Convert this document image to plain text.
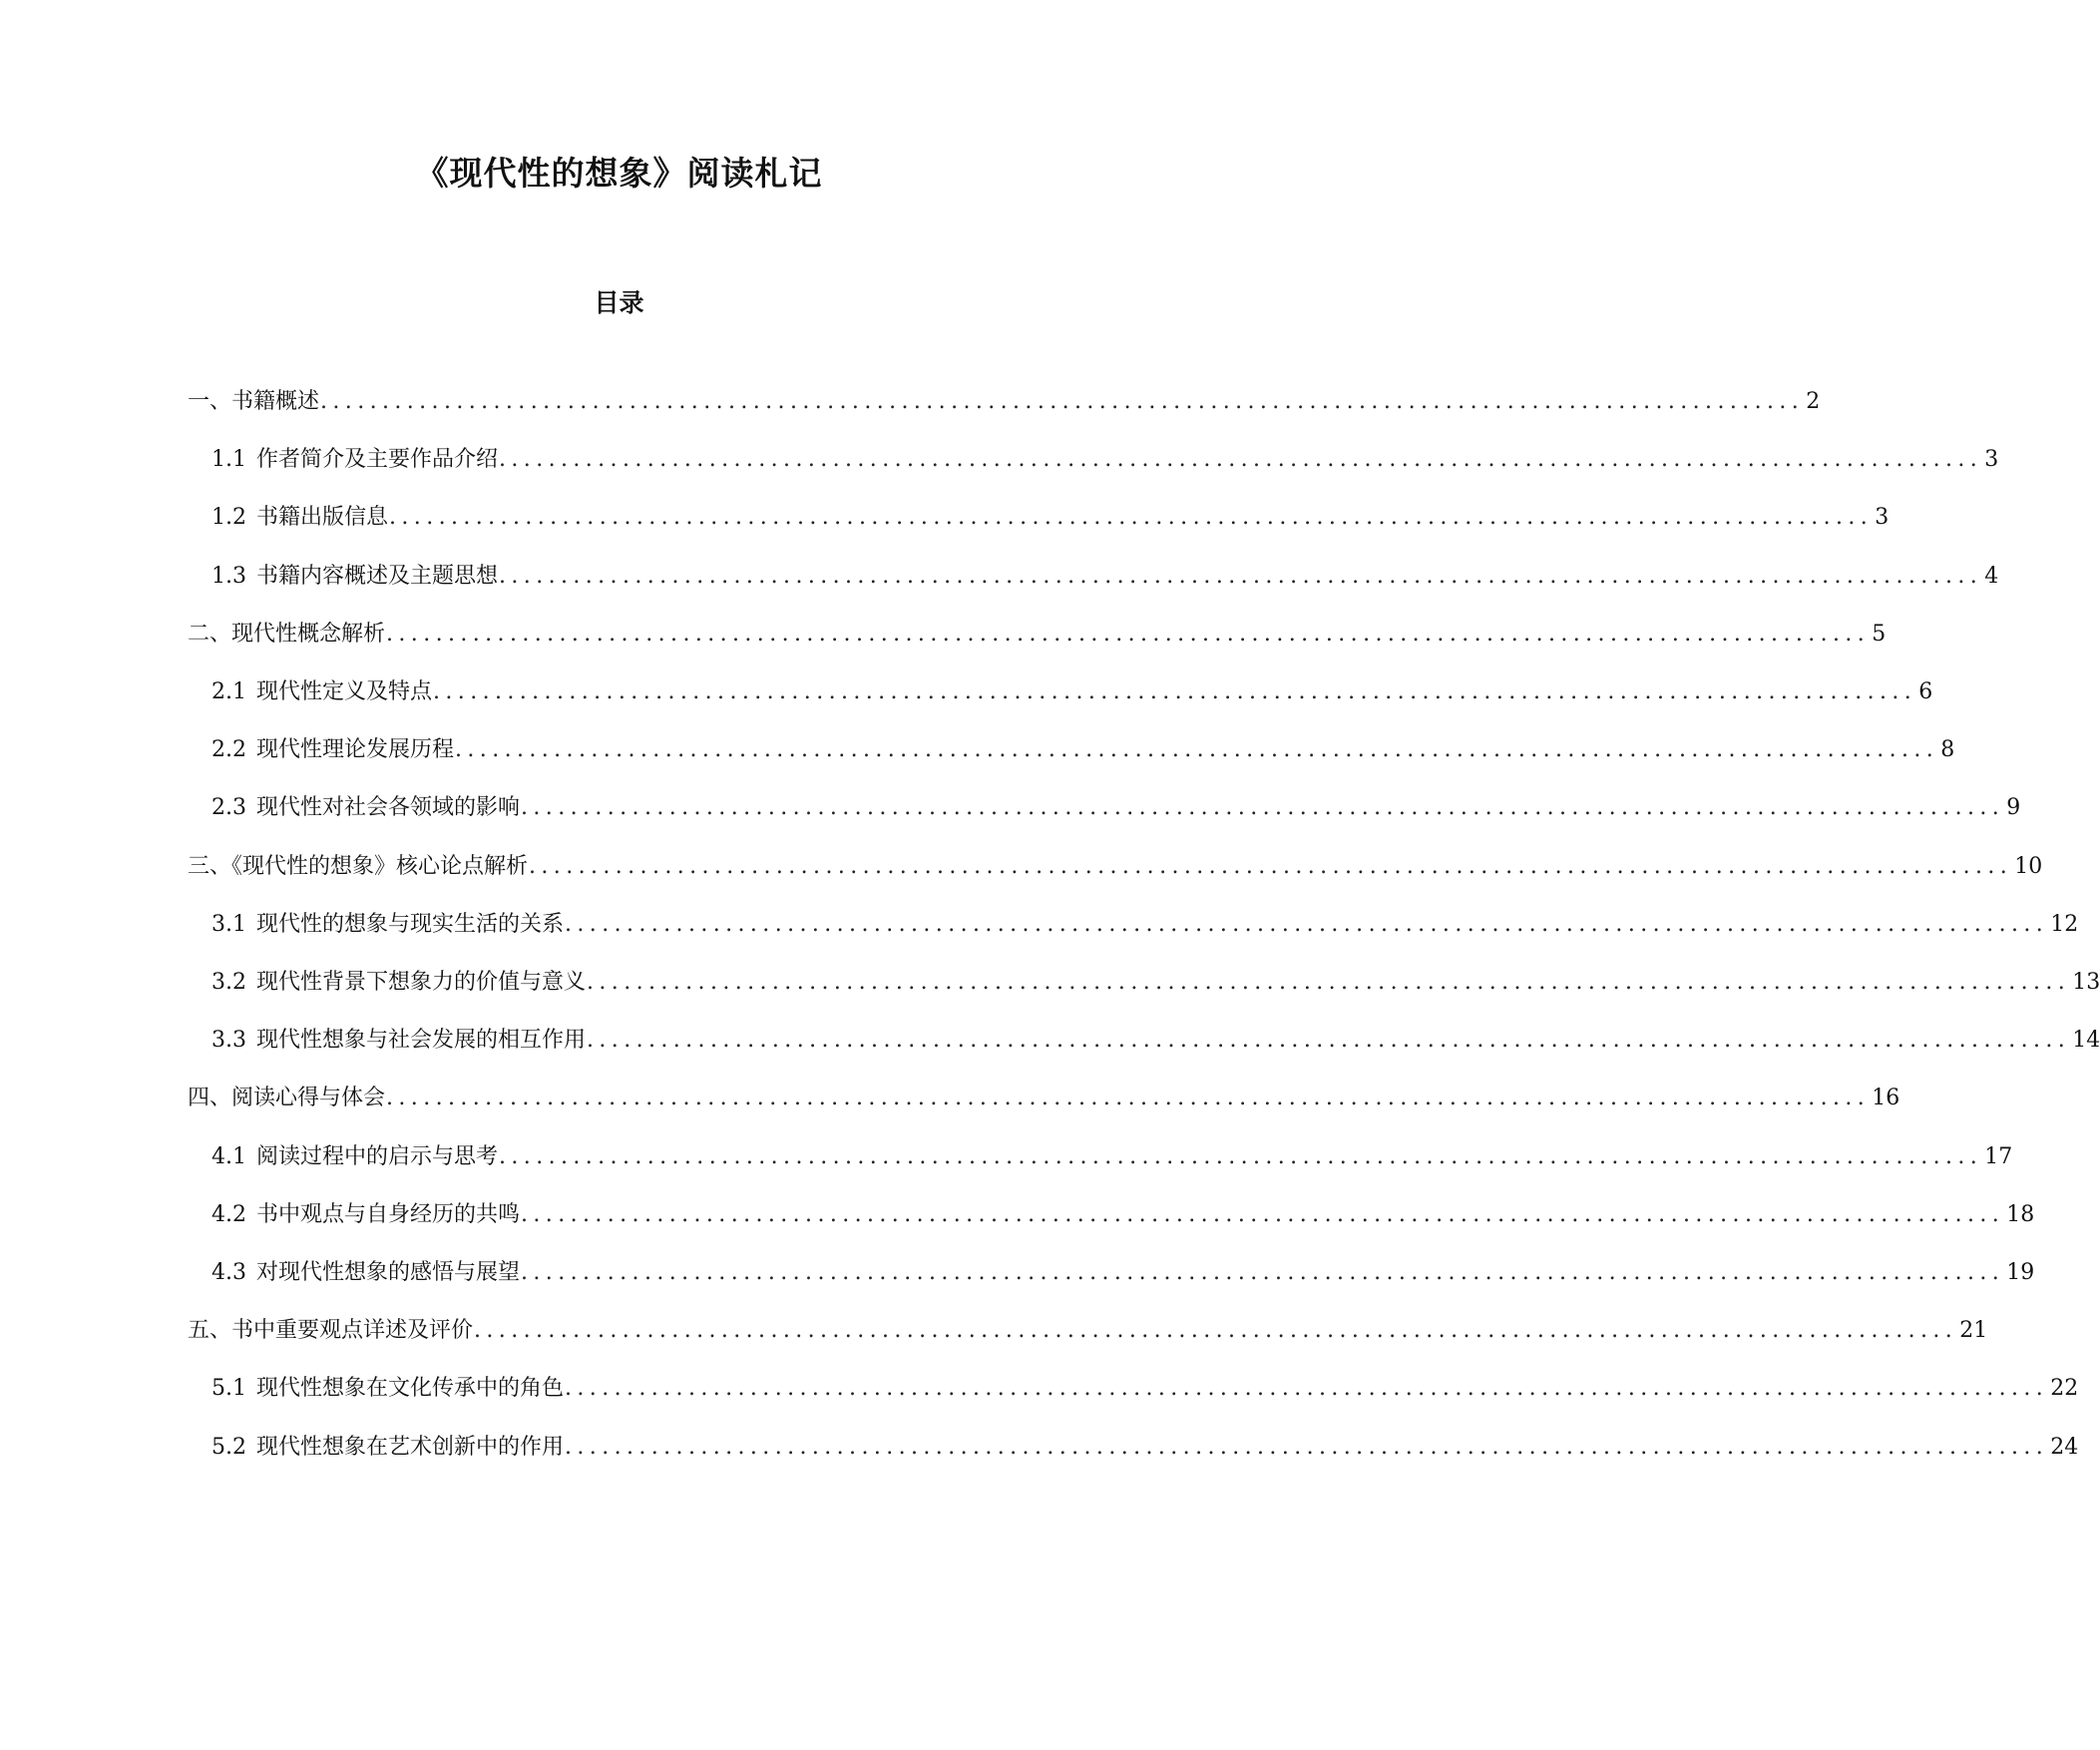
《现代性的想象》阅读札记
目录
一、书籍概述 ........................................................................................................................ 2
1.1 作者简介及主要作品介绍 ........................................................................................................................ 3
1.2 书籍出版信息 ........................................................................................................................ 3
1.3 书籍内容概述及主题思想 ........................................................................................................................ 4
二、现代性概念解析 ........................................................................................................................ 5
2.1 现代性定义及特点 ........................................................................................................................ 6
2.2 现代性理论发展历程 ........................................................................................................................ 8
2.3 现代性对社会各领域的影响 ........................................................................................................................ 9
三、《现代性的想象》核心论点解析 ........................................................................................................................ 10
3.1 现代性的想象与现实生活的关系 ........................................................................................................................ 12
3.2 现代性背景下想象力的价值与意义 ........................................................................................................................ 13
3.3 现代性想象与社会发展的相互作用 ........................................................................................................................ 14
四、阅读心得与体会 ........................................................................................................................ 16
4.1 阅读过程中的启示与思考 ........................................................................................................................ 17
4.2 书中观点与自身经历的共鸣 ........................................................................................................................ 18
4.3 对现代性想象的感悟与展望 ........................................................................................................................ 19
五、书中重要观点详述及评价 ........................................................................................................................ 21
5.1 现代性想象在文化传承中的角色 ........................................................................................................................ 22
5.2 现代性想象在艺术创新中的作用 ........................................................................................................................ 24
